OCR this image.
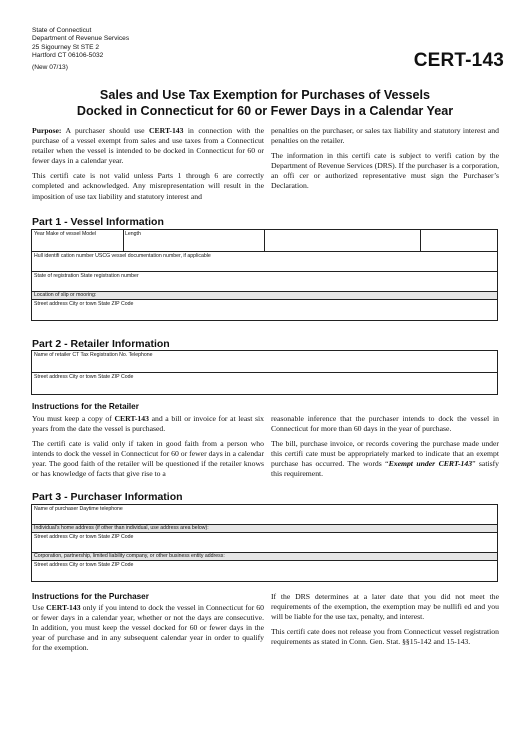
State of Connecticut
Department of Revenue Services
25 Sigourney St STE 2
Hartford CT 06106-5032
(New 07/13)	CERT-143
Sales and Use Tax Exemption for Purchases of Vessels
Docked in Connecticut for 60 or Fewer Days in a Calendar Year

Purpose: A purchaser should use CERT-143 in connection with the purchase of a vessel exempt from sales and use taxes from a Connecticut retailer when the vessel is intended to be docked in Connecticut for 60 or fewer days in a calendar year.

This certifi cate is not valid unless Parts 1 through 6 are correctly completed and acknowledged. Any misrepresentation will result in the imposition of use tax liability and statutory interest and

penalties on the purchaser, or sales tax liability and statutory interest and penalties on the retailer.

The information in this certifi cate is subject to verifi cation by the Department of Revenue Services (DRS). If the purchaser is a corporation, an offi cer or authorized representative must sign the Purchaser’s Declaration.

Part 1 - Vessel Information
Year Make of vessel Model	Length
Hull identifi cation number USCG vessel documentation number, if applicable
State of registration State registration number
Location of slip or mooring:
Street address City or town State ZIP Code
Part 2 - Retailer Information
Name of retailer CT Tax Registration No. Telephone
Street address City or town State ZIP Code
Instructions for the Retailer

You must keep a copy of CERT-143 and a bill or invoice for at least six years from the date the vessel is purchased.

The certifi cate is valid only if taken in good faith from a person who intends to dock the vessel in Connecticut for 60 or fewer days in a calendar year. The good faith of the retailer will be questioned if the retailer knows or has knowledge of facts that give rise to a

reasonable inference that the purchaser intends to dock the vessel in Connecticut for more than 60 days in the year of purchase.

The bill, purchase invoice, or records covering the purchase made under this certifi cate must be appropriately marked to indicate that an exempt purchase has occurred. The words “Exempt under CERT-143” satisfy this requirement.

Part 3 - Purchaser Information
Name of purchaser Daytime telephone
Individual’s home address (if other than individual, use address area below):
Street address City or town State ZIP Code
Corporation, partnership, limited liability company, or other business entity address:
Street address City or town State ZIP Code
Instructions for the Purchaser

Use CERT-143 only if you intend to dock the vessel in Connecticut for 60 or fewer days in a calendar year, whether or not the days are consecutive. In addition, you must keep the vessel docked for 60 or fewer days in the year of purchase and in any subsequent calendar year in order to qualify for the exemption.

If the DRS determines at a later date that you did not meet the requirements of the exemption, the exemption may be nullifi ed and you will be liable for the use tax, penalty, and interest.

This certifi cate does not release you from Connecticut vessel registration requirements as stated in Conn. Gen. Stat. §§15-142 and 15-143.
